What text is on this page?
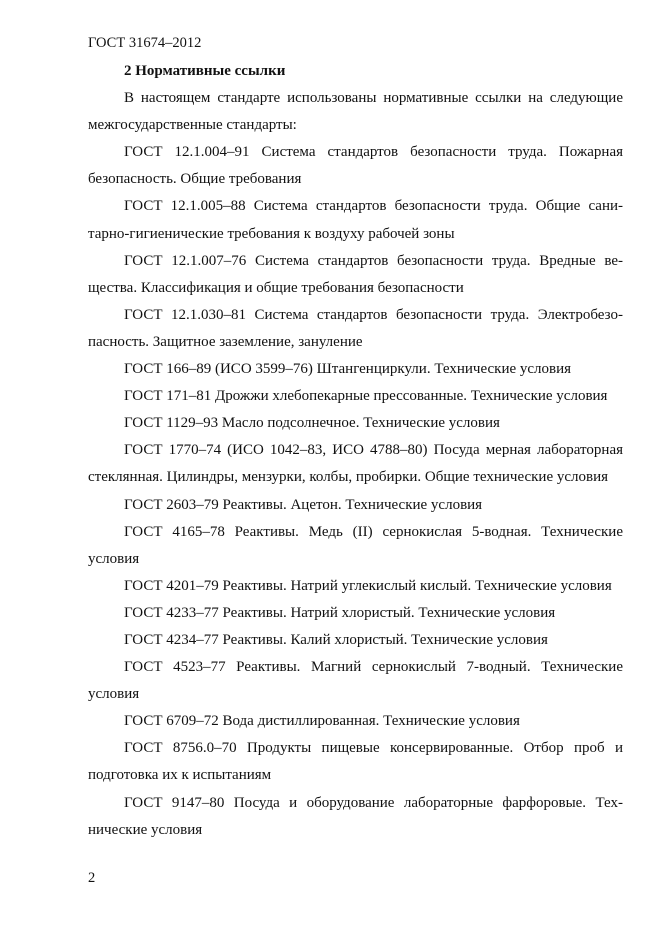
ГОСТ 31674–2012

2 Нормативные ссылки

В настоящем стандарте использованы нормативные ссылки на следующие межгосударственные стандарты:

ГОСТ 12.1.004–91 Система стандартов безопасности труда. Пожарная безопасность. Общие требования

ГОСТ 12.1.005–88 Система стандартов безопасности труда. Общие санитарно-гигиенические требования к воздуху рабочей зоны

ГОСТ 12.1.007–76 Система стандартов безопасности труда. Вредные вещества. Классификация и общие требования безопасности

ГОСТ 12.1.030–81 Система стандартов безопасности труда. Электробезопасность. Защитное заземление, зануление

ГОСТ 166–89 (ИСО 3599–76) Штангенциркули. Технические условия

ГОСТ 171–81 Дрожжи хлебопекарные прессованные. Технические условия

ГОСТ 1129–93 Масло подсолнечное. Технические условия

ГОСТ 1770–74 (ИСО 1042–83, ИСО 4788–80) Посуда мерная лабораторная стеклянная. Цилиндры, мензурки, колбы, пробирки. Общие технические условия

ГОСТ 2603–79 Реактивы. Ацетон. Технические условия

ГОСТ 4165–78 Реактивы. Медь (II) сернокислая 5-водная. Технические условия

ГОСТ 4201–79 Реактивы. Натрий углекислый кислый. Технические условия

ГОСТ 4233–77 Реактивы. Натрий хлористый. Технические условия

ГОСТ 4234–77 Реактивы. Калий хлористый. Технические условия

ГОСТ 4523–77 Реактивы. Магний сернокислый 7-водный. Технические условия

ГОСТ 6709–72 Вода дистиллированная. Технические условия

ГОСТ 8756.0–70 Продукты пищевые консервированные. Отбор проб и подготовка их к испытаниям

ГОСТ 9147–80 Посуда и оборудование лабораторные фарфоровые. Технические условия

2
